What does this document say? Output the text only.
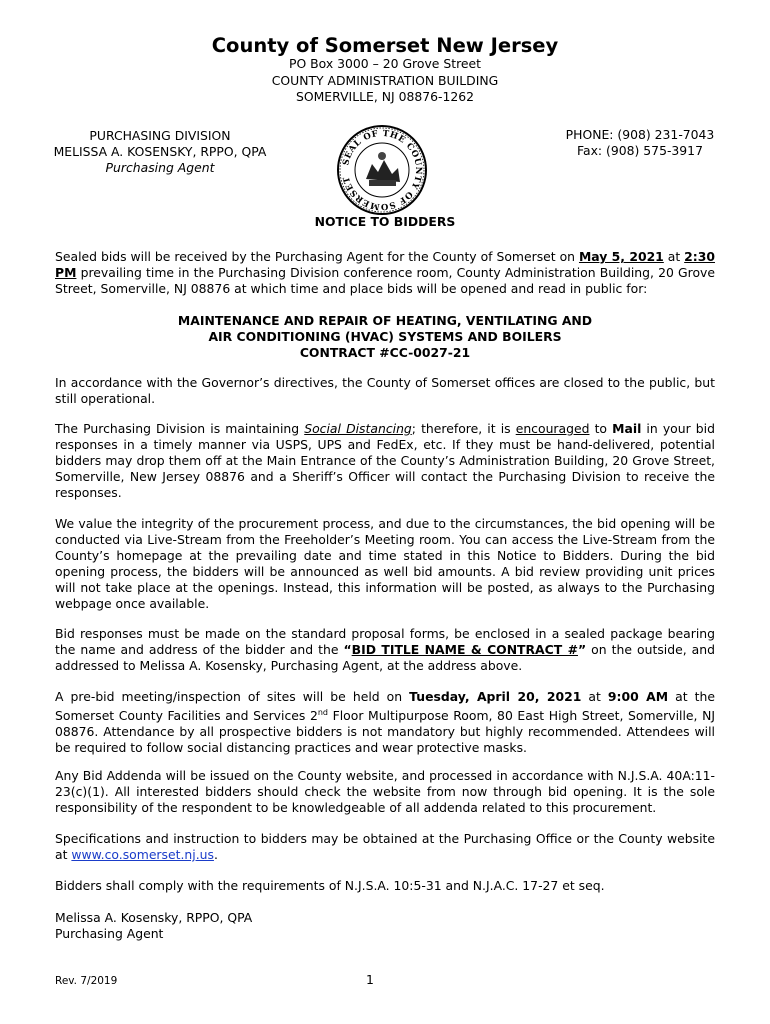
County of Somerset New Jersey
PO Box 3000 – 20 Grove Street
COUNTY ADMINISTRATION BUILDING
SOMERVILLE, NJ 08876-1262
PURCHASING DIVISION
MELISSA A. KOSENSKY, RPPO, QPA
Purchasing Agent	SEAL OF THE COUNTY OF SOMERSET
PHONE: (908) 231-7043
Fax: (908) 575-3917
NOTICE TO BIDDERS
Sealed bids will be received by the Purchasing Agent for the County of Somerset on May 5, 2021 at 2:30 PM prevailing time in the Purchasing Division conference room, County Administration Building, 20 Grove Street, Somerville, NJ 08876 at which time and place bids will be opened and read in public for:
MAINTENANCE AND REPAIR OF HEATING, VENTILATING AND
AIR CONDITIONING (HVAC) SYSTEMS AND BOILERS
CONTRACT #CC-0027-21
In accordance with the Governor’s directives, the County of Somerset offices are closed to the public, but still operational.
The Purchasing Division is maintaining Social Distancing; therefore, it is encouraged to Mail in your bid responses in a timely manner via USPS, UPS and FedEx, etc. If they must be hand-delivered, potential bidders may drop them off at the Main Entrance of the County’s Administration Building, 20 Grove Street, Somerville, New Jersey 08876 and a Sheriff’s Officer will contact the Purchasing Division to receive the responses.
We value the integrity of the procurement process, and due to the circumstances, the bid opening will be conducted via Live-Stream from the Freeholder’s Meeting room. You can access the Live-Stream from the County’s homepage at the prevailing date and time stated in this Notice to Bidders. During the bid opening process, the bidders will be announced as well bid amounts. A bid review providing unit prices will not take place at the openings. Instead, this information will be posted, as always to the Purchasing webpage once available.
Bid responses must be made on the standard proposal forms, be enclosed in a sealed package bearing the name and address of the bidder and the “BID TITLE NAME & CONTRACT #” on the outside, and addressed to Melissa A. Kosensky, Purchasing Agent, at the address above.
A pre-bid meeting/inspection of sites will be held on Tuesday, April 20, 2021 at 9:00 AM at the Somerset County Facilities and Services 2nd Floor Multipurpose Room, 80 East High Street, Somerville, NJ 08876. Attendance by all prospective bidders is not mandatory but highly recommended. Attendees will be required to follow social distancing practices and wear protective masks.
Any Bid Addenda will be issued on the County website, and processed in accordance with N.J.S.A. 40A:11-23(c)(1). All interested bidders should check the website from now through bid opening. It is the sole responsibility of the respondent to be knowledgeable of all addenda related to this procurement.
Specifications and instruction to bidders may be obtained at the Purchasing Office or the County website at www.co.somerset.nj.us.
Bidders shall comply with the requirements of N.J.S.A. 10:5-31 and N.J.A.C. 17-27 et seq.
Melissa A. Kosensky, RPPO, QPA
Purchasing Agent
Rev. 7/2019	1
